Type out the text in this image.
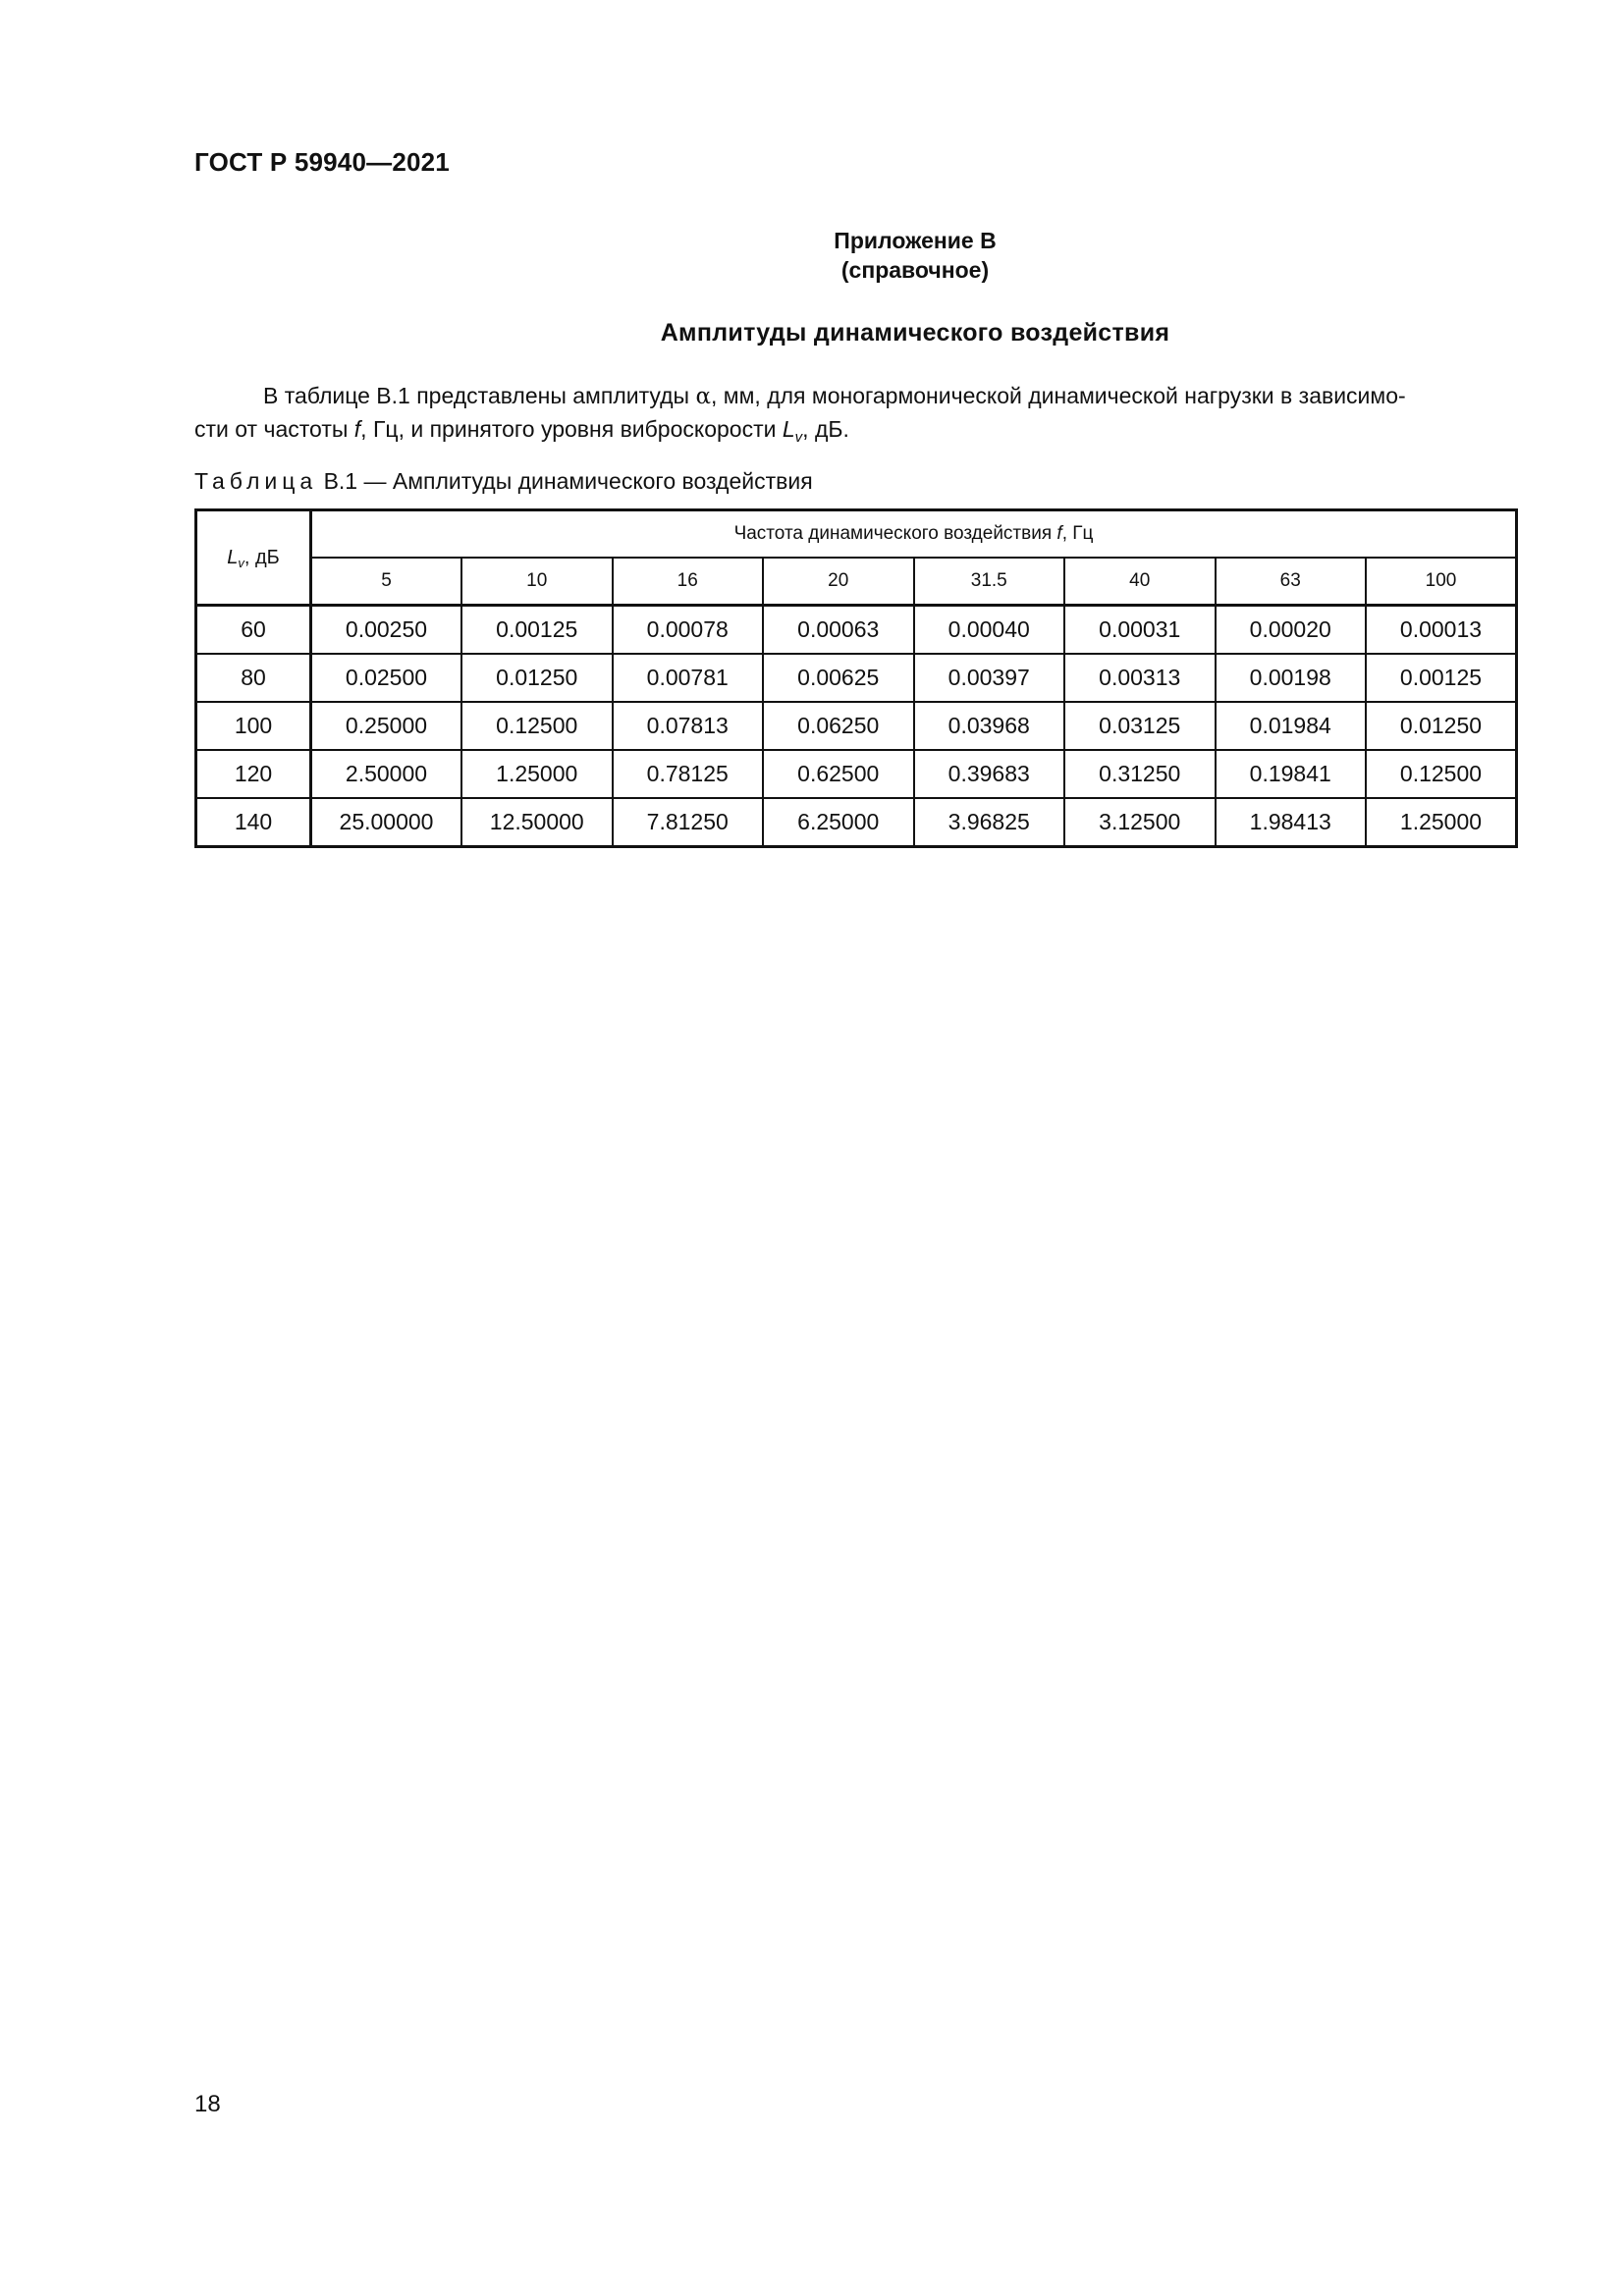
ГОСТ Р 59940—2021
Приложение В
(справочное)
Амплитуды динамического воздействия
В таблице В.1 представлены амплитуды α, мм, для моногармонической динамической нагрузки в зависимо-
сти от частоты f, Гц, и принятого уровня виброскорости $L_v$, дБ.
Таблица В.1 — Амплитуды динамического воздействия
$L_v$, дБ	Частота динамического воздействия f, Гц							
	5	10	16	20	31.5	40	63	100
60	0.00250	0.00125	0.00078	0.00063	0.00040	0.00031	0.00020	0.00013
80	0.02500	0.01250	0.00781	0.00625	0.00397	0.00313	0.00198	0.00125
100	0.25000	0.12500	0.07813	0.06250	0.03968	0.03125	0.01984	0.01250
120	2.50000	1.25000	0.78125	0.62500	0.39683	0.31250	0.19841	0.12500
140	25.00000	12.50000	7.81250	6.25000	3.96825	3.12500	1.98413	1.25000
18
